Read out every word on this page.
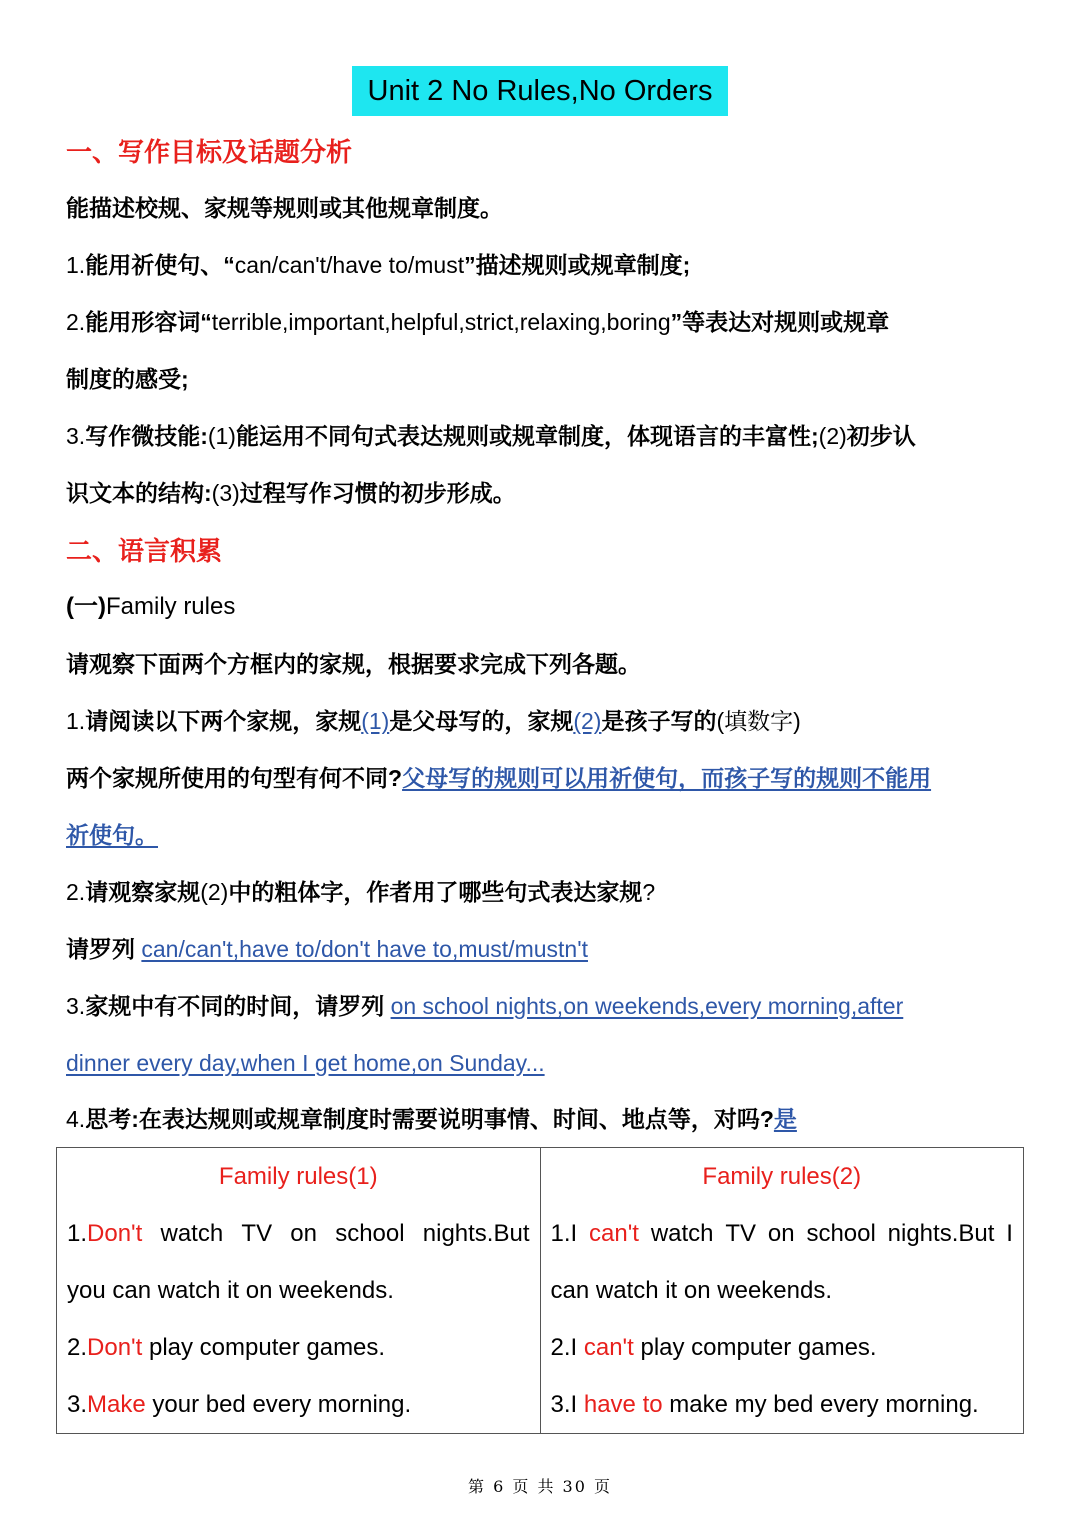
Unit 2 No Rules,No Orders
一、写作目标及话题分析
能描述校规、家规等规则或其他规章制度。
1.能用祈使句、“can/can't/have to/must”描述规则或规章制度;
2.能用形容词“terrible,important,helpful,strict,relaxing,boring”等表达对规则或规章
制度的感受;
3.写作微技能:(1)能运用不同句式表达规则或规章制度，体现语言的丰富性;(2)初步认
识文本的结构:(3)过程写作习惯的初步形成。
二、语言积累
(一)Family rules
请观察下面两个方框内的家规，根据要求完成下列各题。
1.请阅读以下两个家规，家规(1)是父母写的，家规(2)是孩子写的(填数字)
两个家规所使用的句型有何不同?父母写的规则可以用祈使句，而孩子写的规则不能用
祈使句。
2.请观察家规(2)中的粗体字，作者用了哪些句式表达家规?
请罗列 can/can't,have to/don't have to,must/mustn't
3.家规中有不同的时间，请罗列 on school nights,on weekends,every morning,after
dinner every day,when I get home,on Sunday...
4.思考:在表达规则或规章制度时需要说明事情、时间、地点等，对吗?是
Family rules(1)
1.Don't watch TV on school nights.But
you can watch it on weekends.
2.Don't play computer games.
3.Make your bed every morning.

Family rules(2)
1.I can't watch TV on school nights.But I
can watch it on weekends.
2.I can't play computer games.
3.I have to make my bed every morning.
第 6 页 共 30 页
